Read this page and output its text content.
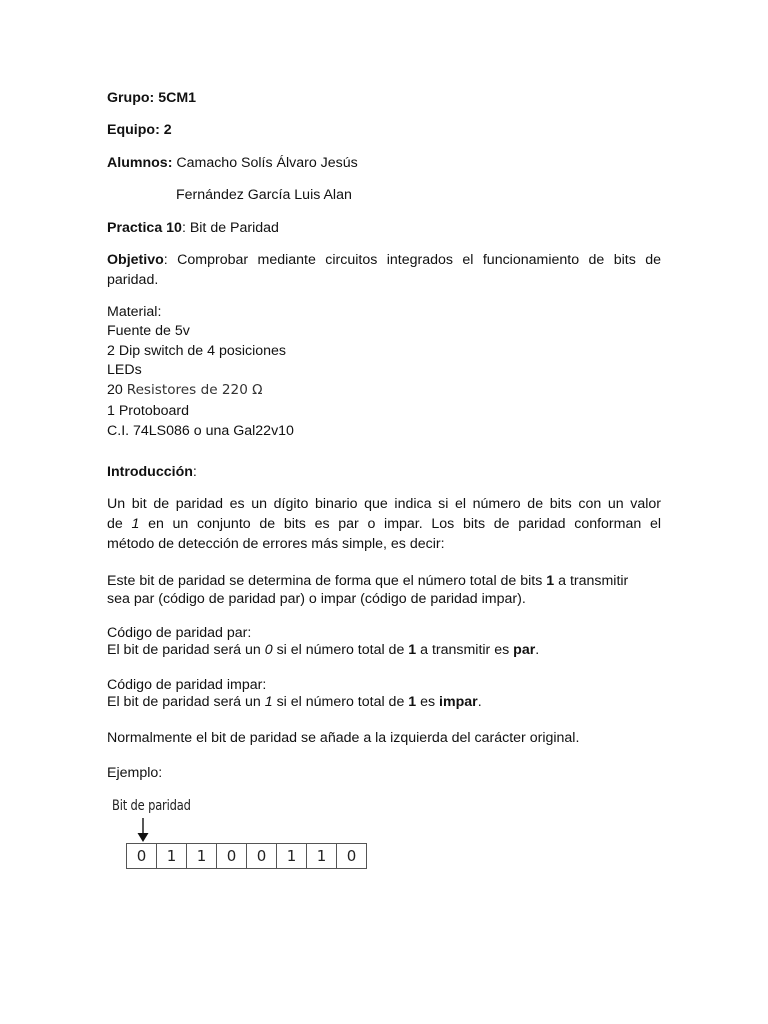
Grupo: 5CM1
Equipo: 2
Alumnos: Camacho Solís Álvaro Jesús
Fernández García Luis Alan
Practica 10: Bit de Paridad
Objetivo: Comprobar mediante circuitos integrados el funcionamiento de bits de
paridad.
Material:
Fuente de 5v
2 Dip switch de 4 posiciones
LEDs
20 Resistores de 220 Ω
1 Protoboard
C.I. 74LS086 o una Gal22v10
Introducción:
Un bit de paridad es un dígito binario que indica si el número de bits con un valor
de 1 en un conjunto de bits es par o impar. Los bits de paridad conforman el
método de detección de errores más simple, es decir:
Este bit de paridad se determina de forma que el número total de bits 1 a transmitir
sea par (código de paridad par) o impar (código de paridad impar).
Código de paridad par:
El bit de paridad será un 0 si el número total de 1 a transmitir es par.
Código de paridad impar:
El bit de paridad será un 1 si el número total de 1 es impar.
Normalmente el bit de paridad se añade a la izquierda del carácter original.
Ejemplo:
Bit de paridad
0	1	1	0	0	1	1	0
